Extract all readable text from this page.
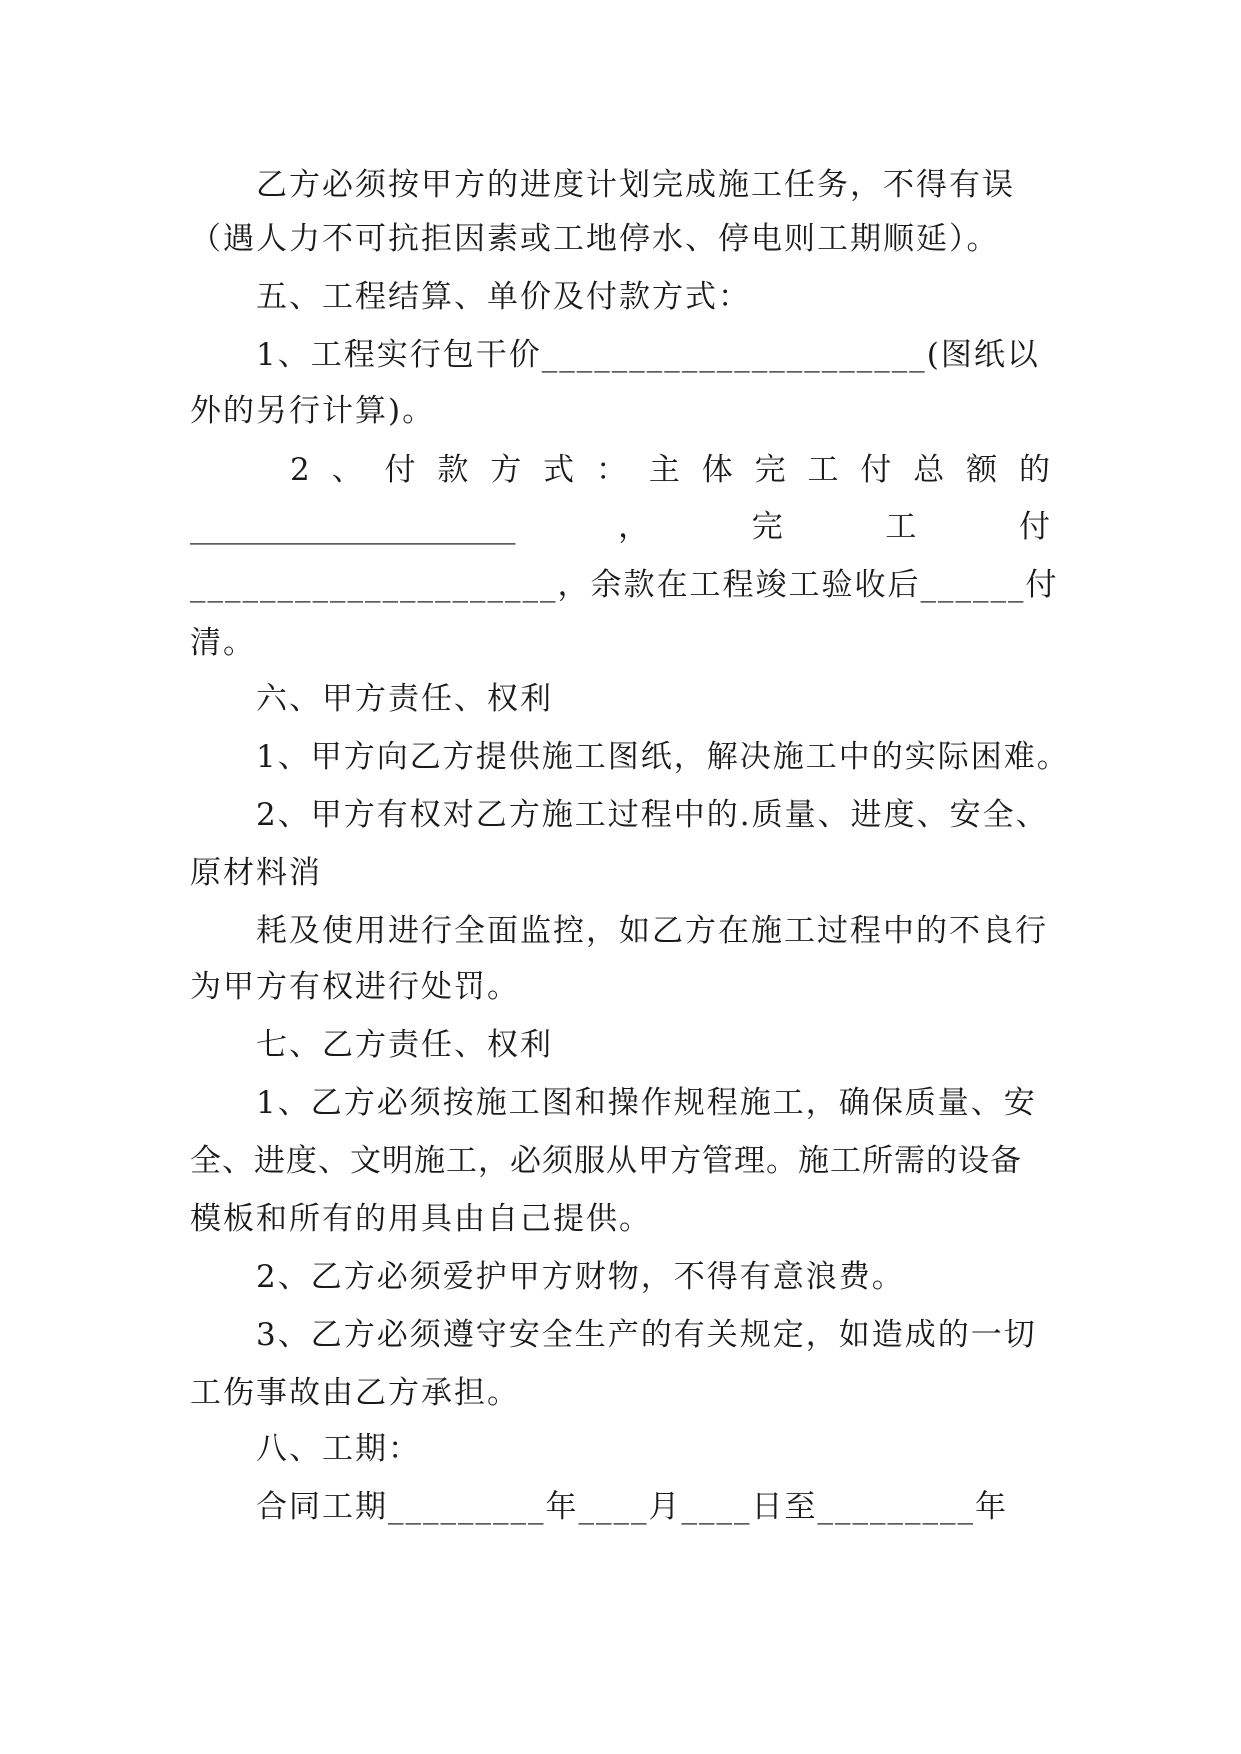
乙方必须按甲方的进度计划完成施工任务，不得有误
（遇人力不可抗拒因素或工地停水、停电则工期顺延）。
五、工程结算、单价及付款方式：
1、工程实行包干价______________________(图纸以
外的另行计算)。
2 、 付 款 方 式 ： 主 体 完 工 付 总 额 的
_____________________	，	完	工	付
_____________________，余款在工程竣工验收后______付
清。
六、甲方责任、权利
1、甲方向乙方提供施工图纸，解决施工中的实际困难。
2、甲方有权对乙方施工过程中的.质量、进度、安全、
原材料消
耗及使用进行全面监控，如乙方在施工过程中的不良行
为甲方有权进行处罚。
七、乙方责任、权利
1、乙方必须按施工图和操作规程施工，确保质量、安
全、进度、文明施工，必须服从甲方管理。施工所需的设备
模板和所有的用具由自己提供。
2、乙方必须爱护甲方财物，不得有意浪费。
3、乙方必须遵守安全生产的有关规定，如造成的一切
工伤事故由乙方承担。
八、工期：
合同工期_________年____月____日至_________年
